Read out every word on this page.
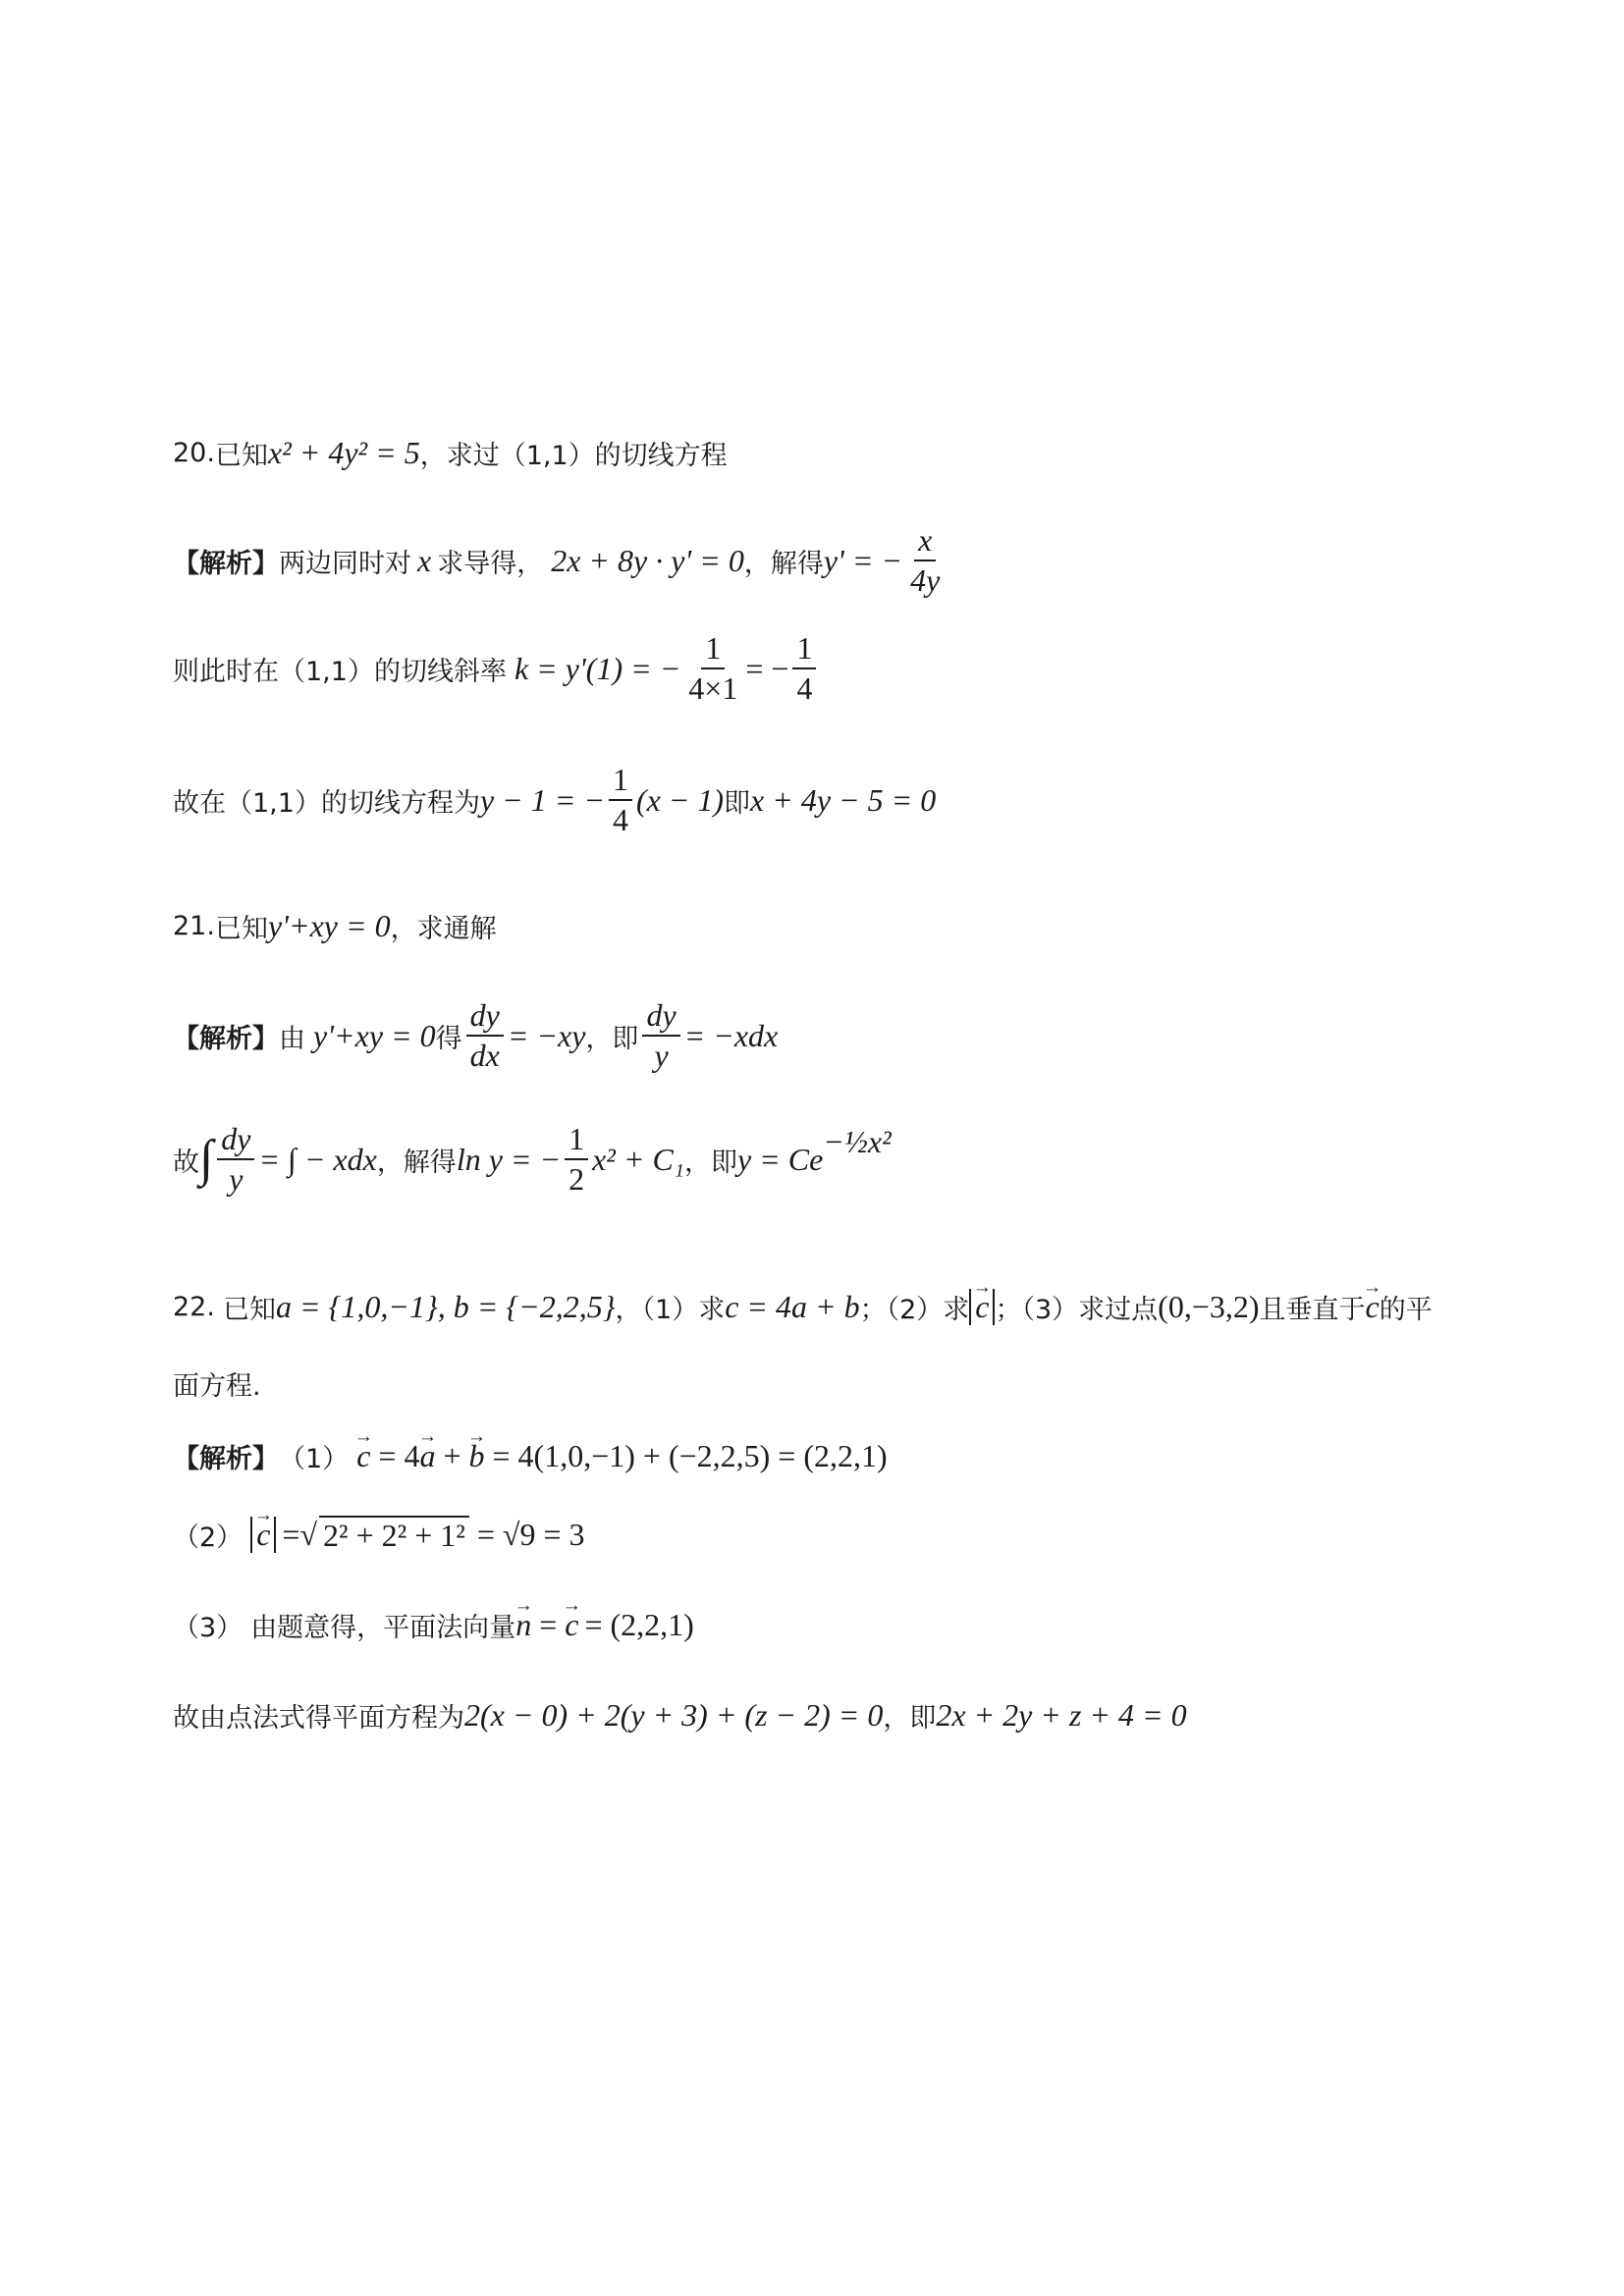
20. 已知 x² + 4y² = 5 ，求过（1,1）的切线方程
【解析】 两边同时对 x 求导得， 2x + 8y · y' = 0 ，解得 y' = − $\frac{x}{4y}$
则此时在（1,1）的切线斜率 k = y'(1) = − $\frac{1}{4\times 1}$ = − $\frac{1}{4}$
故在（1,1）的切线方程为 y − 1 = − $\frac{1}{4} (x - 1)$ 即 x + 4y − 5 = 0
21. 已知 y'+xy = 0 ，求通解
【解析】 由 y'+xy = 0 得 $\frac{dy}{dx} = -xy$ ，即 $\frac{dy}{y} = -xdx$
故 ∫ $\frac{dy}{y}$ = ∫ − xdx ，解得 ln y = − $\frac{1}{2} x^2 + C_1$ ，即 $y = Ce^{-\frac{1}{2}x^2}$
22. 已知 a = {1,0,−1}, b = {−2,2,5} ，（1）求 c = 4a + b ；（2）求 → c ；（3）求过点 (0,−3,2) 且垂直于 → c 的平
面方程.
【解析】 （1） → c = 4→ a + → b = 4(1,0,−1) + (−2,2,5) = (2,2,1)
（2） → c = √ 2² + 2² + 1² = √9 = 3
（3） 由题意得，平面法向量 → n = → c = (2,2,1)
故由点法式得平面方程为 2(x − 0) + 2(y + 3) + (z − 2) = 0 ，即 2x + 2y + z + 4 = 0
